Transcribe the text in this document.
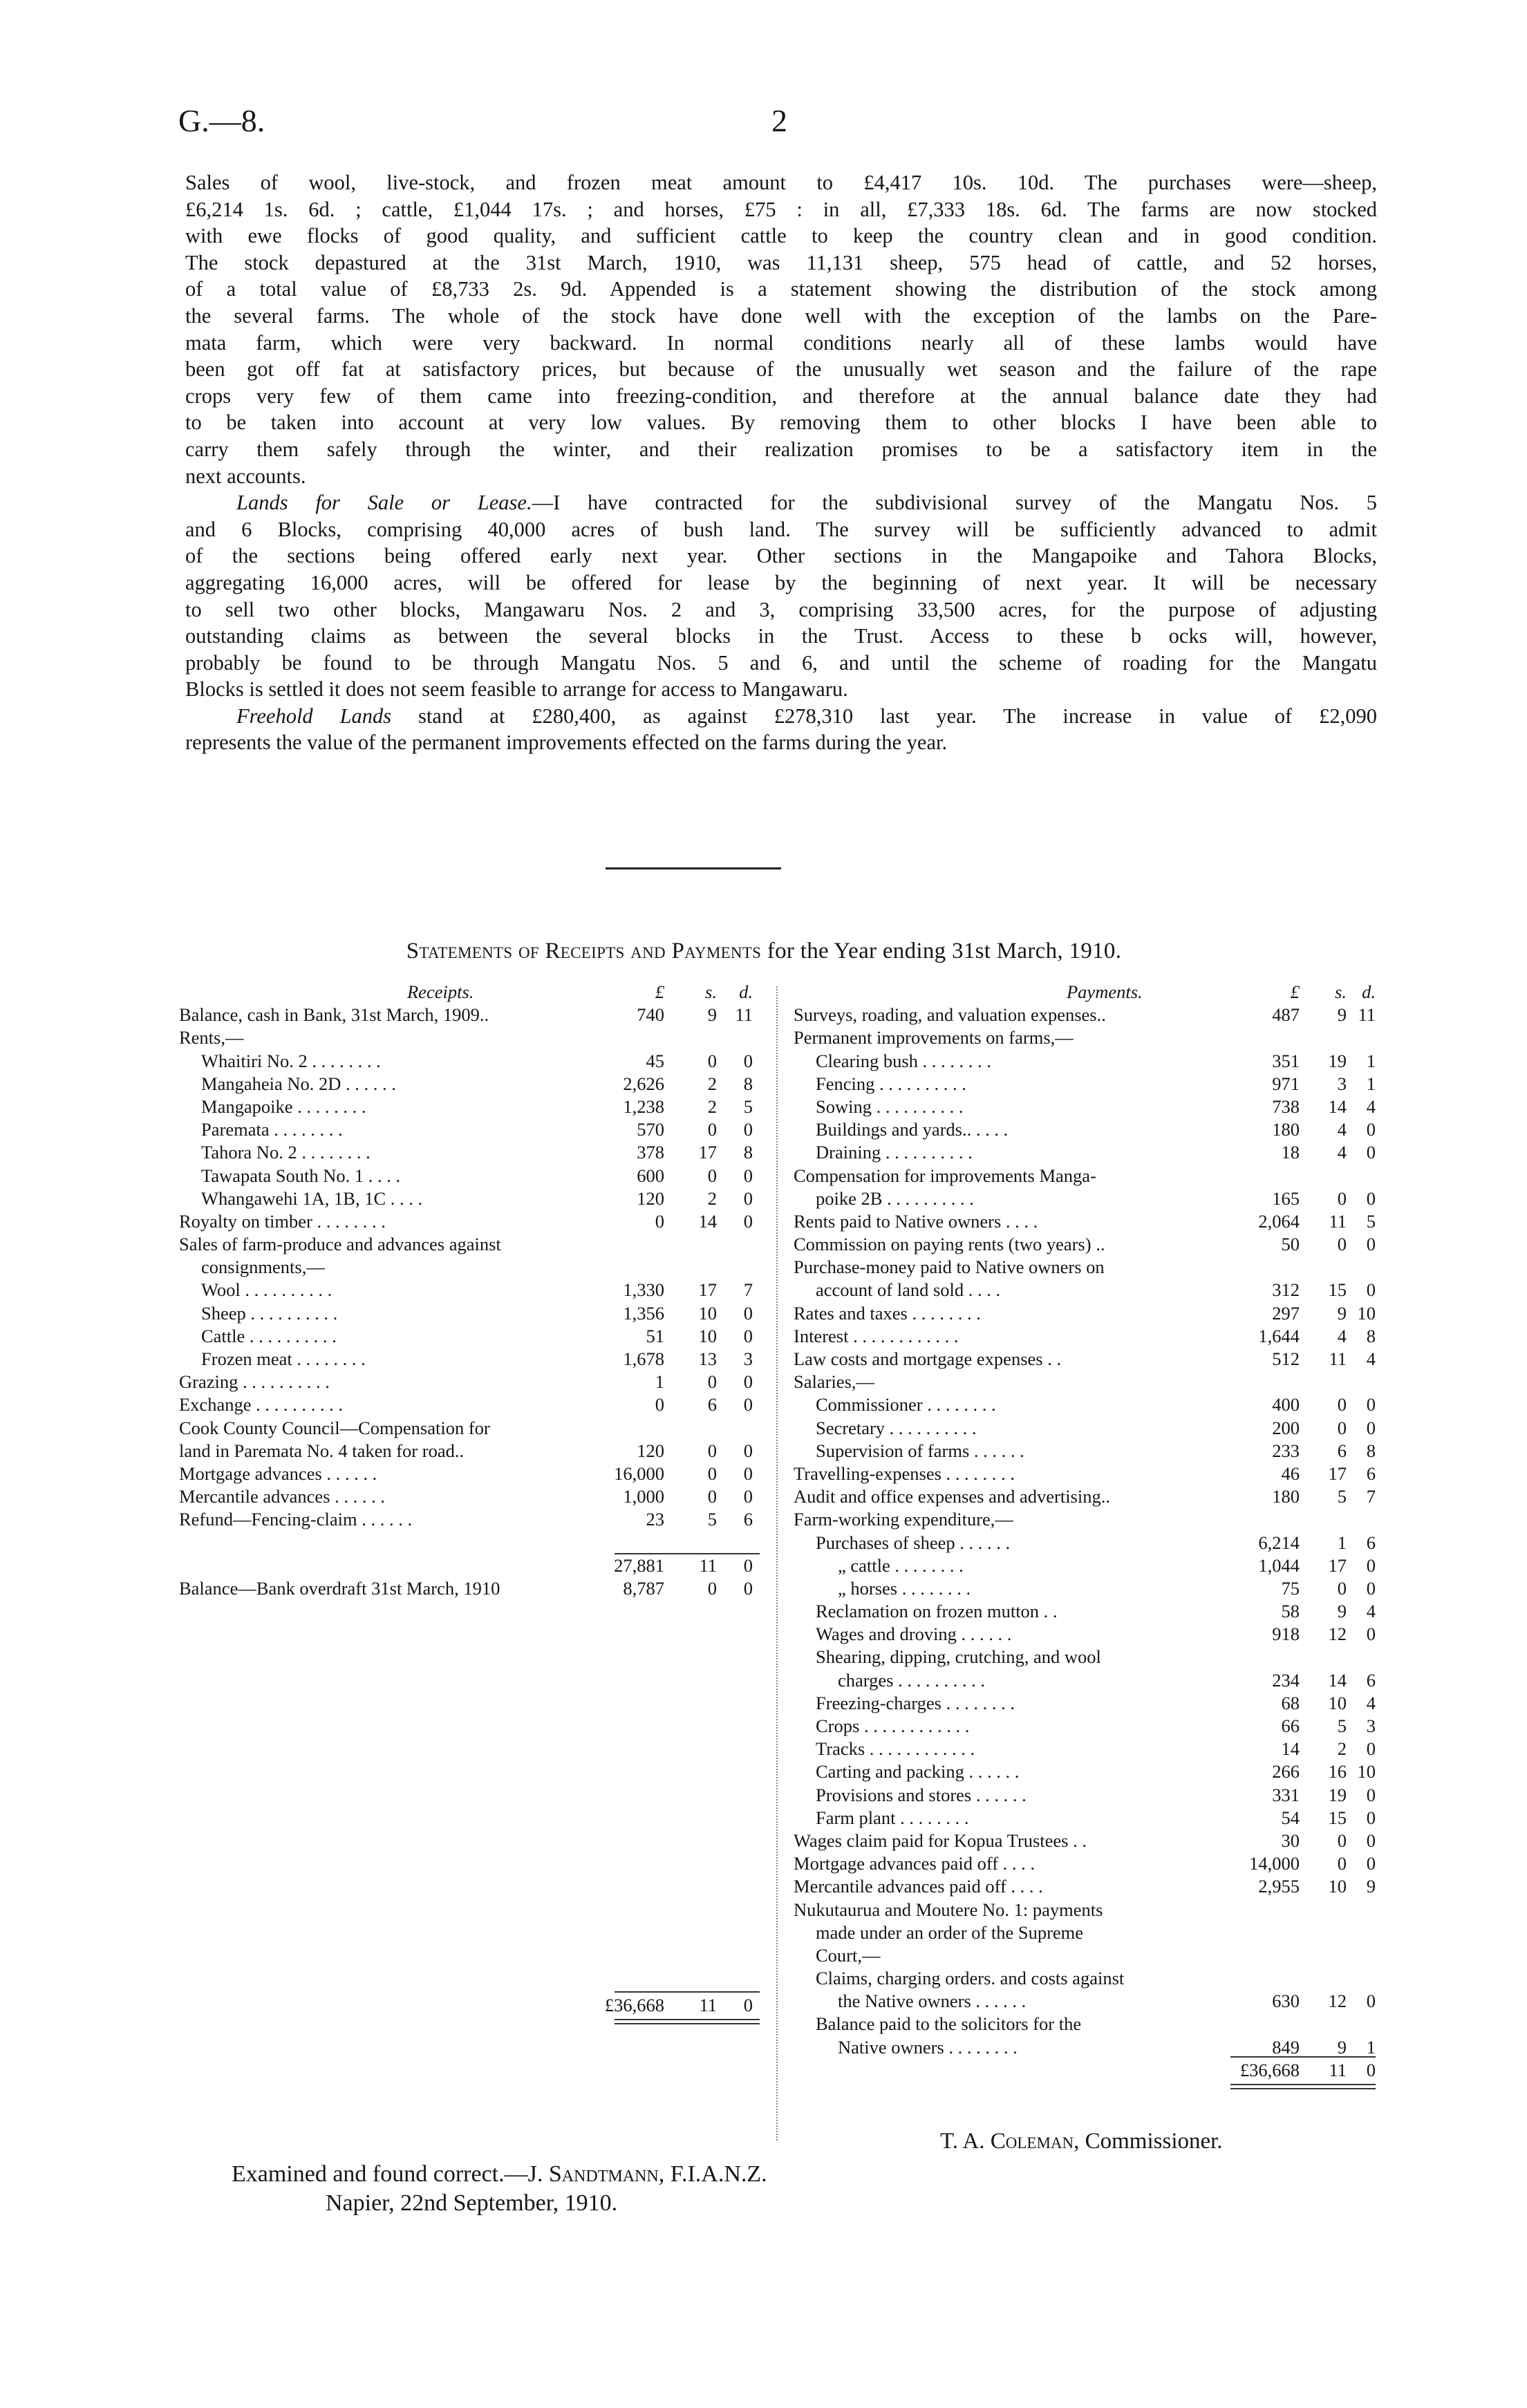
G.—8.	2

Sales of wool, live-stock, and frozen meat amount to £4,417 10s. 10d. The purchases were—sheep,

£6,214 1s. 6d. ; cattle, £1,044 17s. ; and horses, £75 : in all, £7,333 18s. 6d. The farms are now stocked

with ewe flocks of good quality, and sufficient cattle to keep the country clean and in good condition.

The stock depastured at the 31st March, 1910, was 11,131 sheep, 575 head of cattle, and 52 horses,

of a total value of £8,733 2s. 9d. Appended is a statement showing the distribution of the stock among

the several farms. The whole of the stock have done well with the exception of the lambs on the Pare-

mata farm, which were very backward. In normal conditions nearly all of these lambs would have

been got off fat at satisfactory prices, but because of the unusually wet season and the failure of the rape

crops very few of them came into freezing-condition, and therefore at the annual balance date they had

to be taken into account at very low values. By removing them to other blocks I have been able to

carry them safely through the winter, and their realization promises to be a satisfactory item in the

next accounts.

Lands for Sale or Lease.—I have contracted for the subdivisional survey of the Mangatu Nos. 5

and 6 Blocks, comprising 40,000 acres of bush land. The survey will be sufficiently advanced to admit

of the sections being offered early next year. Other sections in the Mangapoike and Tahora Blocks,

aggregating 16,000 acres, will be offered for lease by the beginning of next year. It will be necessary

to sell two other blocks, Mangawaru Nos. 2 and 3, comprising 33,500 acres, for the purpose of adjusting

outstanding claims as between the several blocks in the Trust. Access to these b ocks will, however,

probably be found to be through Mangatu Nos. 5 and 6, and until the scheme of roading for the Mangatu

Blocks is settled it does not seem feasible to arrange for access to Mangawaru.

Freehold Lands stand at £280,400, as against £278,310 last year. The increase in value of £2,090

represents the value of the permanent improvements effected on the farms during the year.

Statements of Receipts and Payments for the Year ending 31st March, 1910.
Receipts.	£ s. d.
Balance, cash in Bank, 31st March, 1909..	740 9 11
Rents,—
Whaitiri No. 2 . . . . . . . .	45 0 0
Mangaheia No. 2D . . . . . .	2,626 2 8
Mangapoike . . . . . . . .	1,238 2 5
Paremata . . . . . . . .	570 0 0
Tahora No. 2 . . . . . . . .	378 17 8
Tawapata South No. 1 . . . .	600 0 0
Whangawehi 1A, 1B, 1C . . . .	120 2 0
Royalty on timber . . . . . . . .	0 14 0
Sales of farm-produce and advances against
consignments,—
Wool . . . . . . . . . .	1,330 17 7
Sheep . . . . . . . . . .	1,356 10 0
Cattle . . . . . . . . . .	51 10 0
Frozen meat . . . . . . . .	1,678 13 3
Grazing . . . . . . . . . .	1 0 0
Exchange . . . . . . . . . .	0 6 0
Cook County Council—Compensation for
land in Paremata No. 4 taken for road..	120 0 0
Mortgage advances . . . . . .	16,000 0 0
Mercantile advances . . . . . .	1,000 0 0
Refund—Fencing-claim . . . . . .	23 5 6
27,881 11 0
Balance—Bank overdraft 31st March, 1910	8,787 0 0
£36,668 11 0
Payments.	£ s. d.
Surveys, roading, and valuation expenses..	487 9 11
Permanent improvements on farms,—
Clearing bush . . . . . . . .	351 19 1
Fencing . . . . . . . . . .	971 3 1
Sowing . . . . . . . . . .	738 14 4
Buildings and yards.. . . . .	180 4 0
Draining . . . . . . . . . .	18 4 0
Compensation for improvements Manga-
poike 2B . . . . . . . . . .	165 0 0
Rents paid to Native owners . . . .	2,064 11 5
Commission on paying rents (two years) ..	50 0 0
Purchase-money paid to Native owners on
account of land sold . . . .	312 15 0
Rates and taxes . . . . . . . .	297 9 10
Interest . . . . . . . . . . . .	1,644 4 8
Law costs and mortgage expenses . .	512 11 4
Salaries,—
Commissioner . . . . . . . .	400 0 0
Secretary . . . . . . . . . .	200 0 0
Supervision of farms . . . . . .	233 6 8
Travelling-expenses . . . . . . . .	46 17 6
Audit and office expenses and advertising..	180 5 7
Farm-working expenditure,—
Purchases of sheep . . . . . .	6,214 1 6
„ cattle . . . . . . . .	1,044 17 0
„ horses . . . . . . . .	75 0 0
Reclamation on frozen mutton . .	58 9 4
Wages and droving . . . . . .	918 12 0
Shearing, dipping, crutching, and wool
charges . . . . . . . . . .	234 14 6
Freezing-charges . . . . . . . .	68 10 4
Crops . . . . . . . . . . . .	66 5 3
Tracks . . . . . . . . . . . .	14 2 0
Carting and packing . . . . . .	266 16 10
Provisions and stores . . . . . .	331 19 0
Farm plant . . . . . . . .	54 15 0
Wages claim paid for Kopua Trustees . .	30 0 0
Mortgage advances paid off . . . .	14,000 0 0
Mercantile advances paid off . . . .	2,955 10 9
Nukutaurua and Moutere No. 1: payments
made under an order of the Supreme
Court,—
Claims, charging orders. and costs against
the Native owners . . . . . .	630 12 0
Balance paid to the solicitors for the
Native owners . . . . . . . .	849 9 1
£36,668 11 0
T. A. Coleman, Commissioner.
Examined and found correct.—J. Sandtmann, F.I.A.N.Z.
Napier, 22nd September, 1910.
